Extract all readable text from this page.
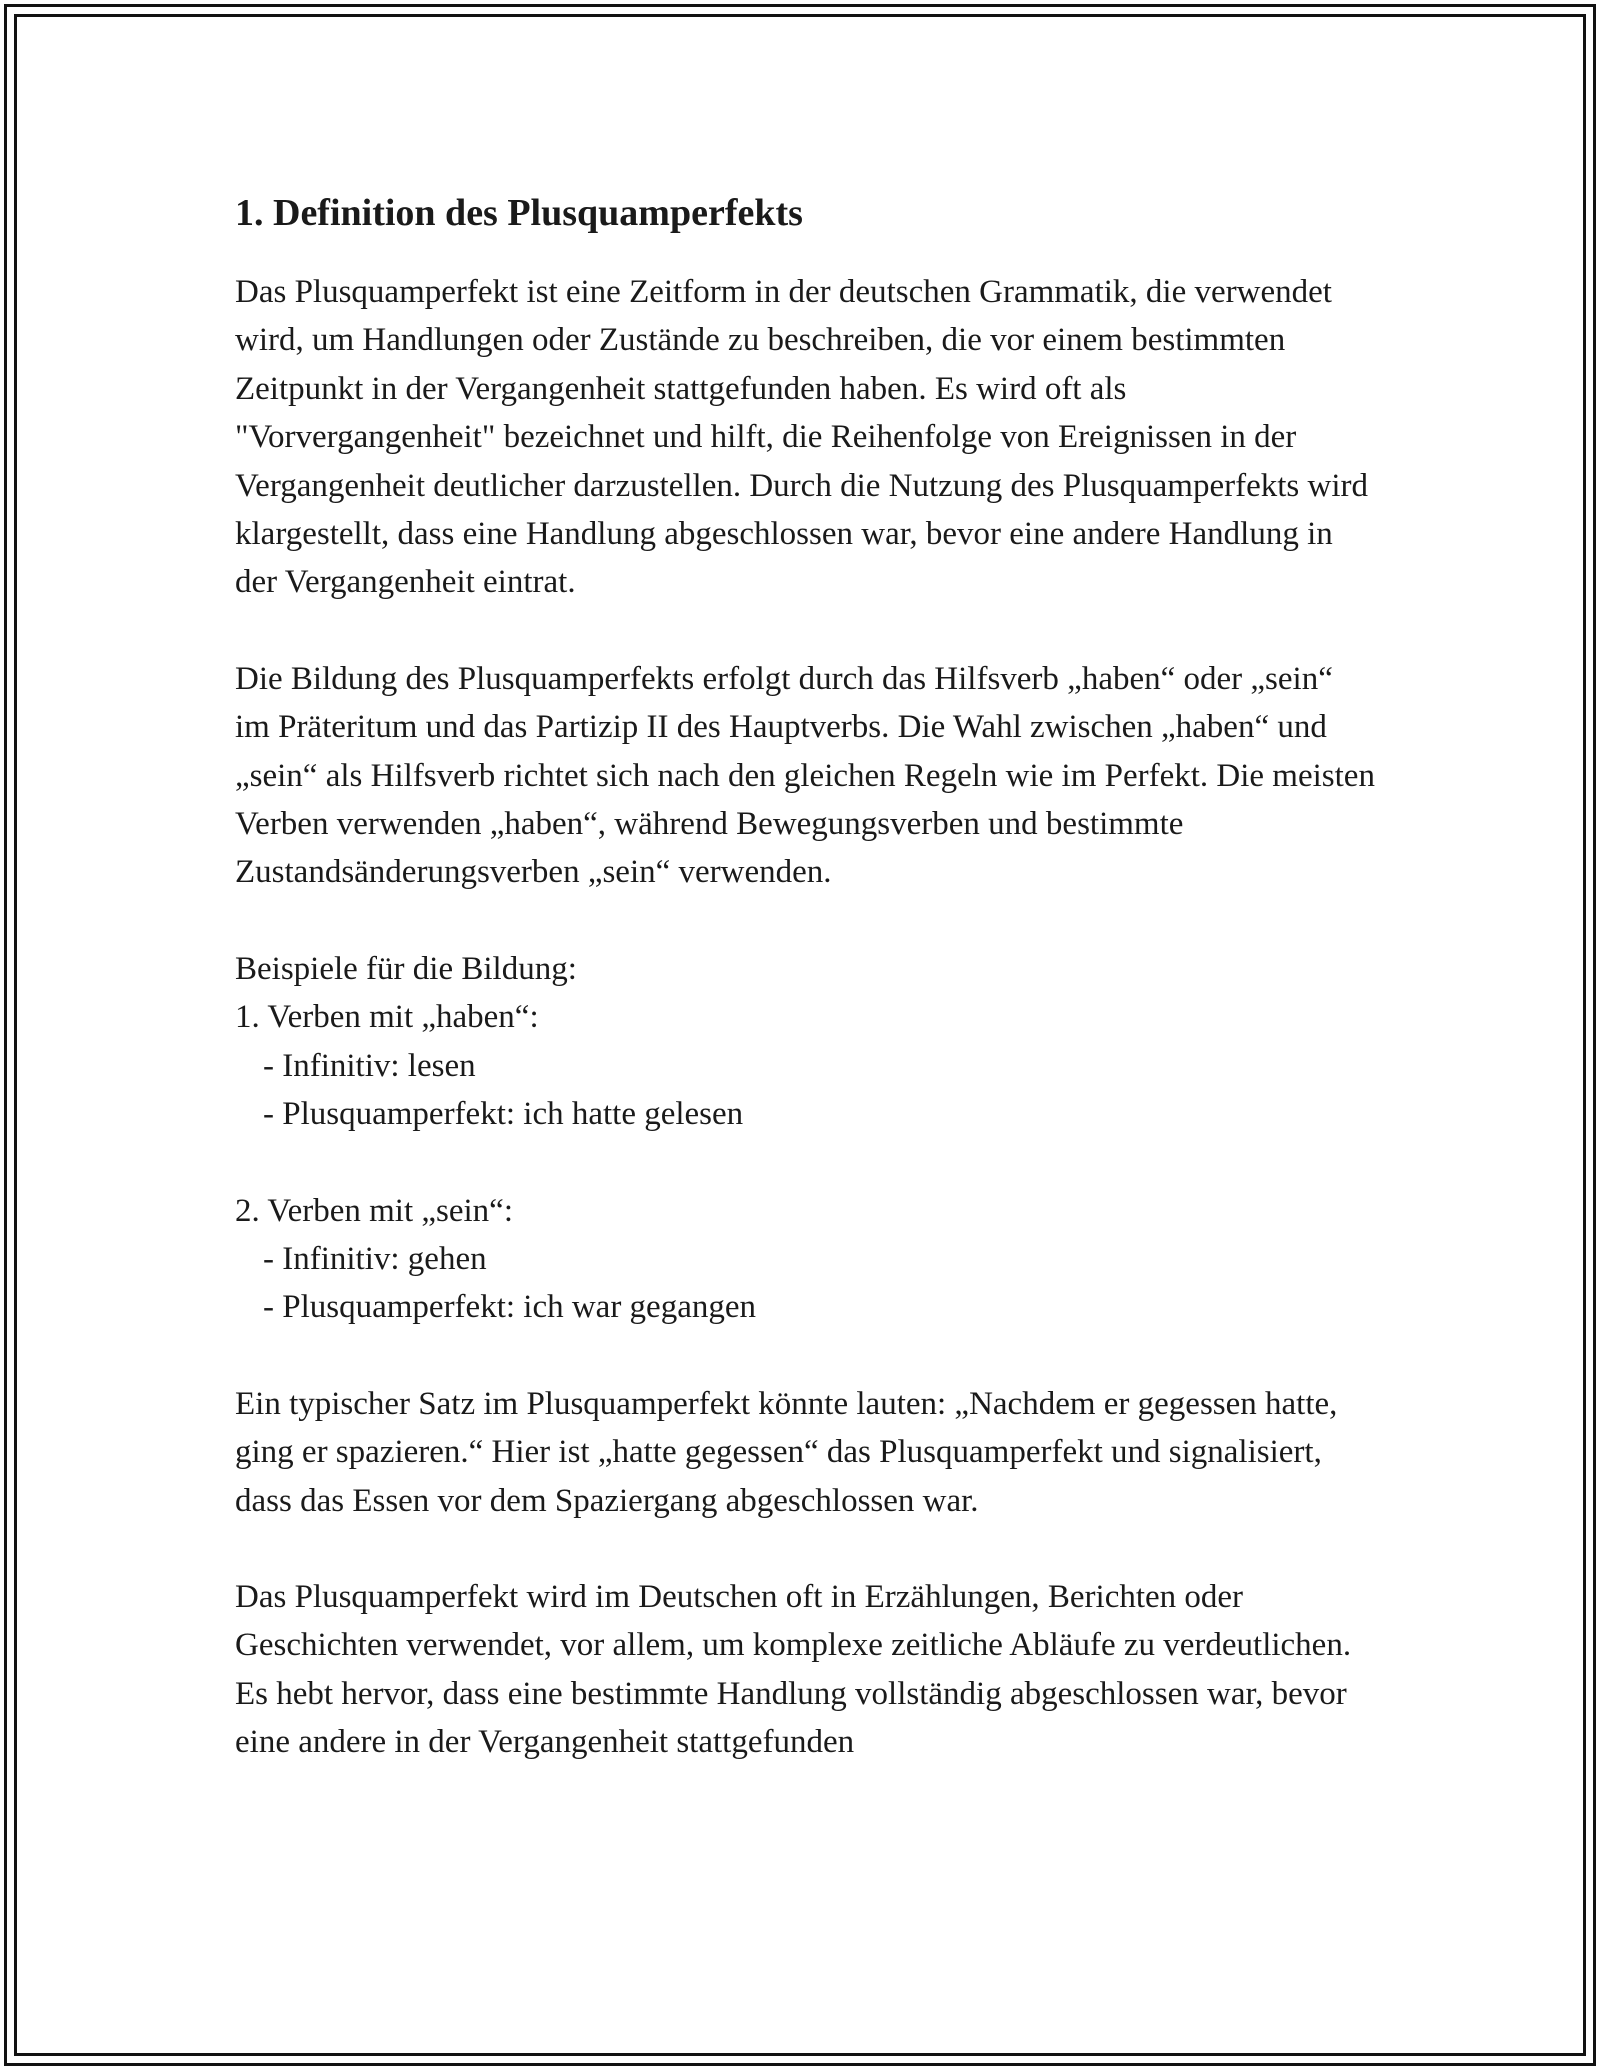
1. Definition des Plusquamperfekts

Das Plusquamperfekt ist eine Zeitform in der deutschen Grammatik, die verwendet wird, um Handlungen oder Zustände zu beschreiben, die vor einem bestimmten Zeitpunkt in der Vergangenheit stattgefunden haben. Es wird oft als "Vorvergangenheit" bezeichnet und hilft, die Reihenfolge von Ereignissen in der Vergangenheit deutlicher darzustellen. Durch die Nutzung des Plusquamperfekts wird klargestellt, dass eine Handlung abgeschlossen war, bevor eine andere Handlung in der Vergangenheit eintrat.

Die Bildung des Plusquamperfekts erfolgt durch das Hilfsverb „haben“ oder „sein“ im Präteritum und das Partizip II des Hauptverbs. Die Wahl zwischen „haben“ und „sein“ als Hilfsverb richtet sich nach den gleichen Regeln wie im Perfekt. Die meisten Verben verwenden „haben“, während Bewegungsverben und bestimmte Zustandsänderungsverben „sein“ verwenden.

Beispiele für die Bildung:
1. Verben mit „haben“:
- Infinitiv: lesen
- Plusquamperfekt: ich hatte gelesen
2. Verben mit „sein“:
- Infinitiv: gehen
- Plusquamperfekt: ich war gegangen

Ein typischer Satz im Plusquamperfekt könnte lauten: „Nachdem er gegessen hatte, ging er spazieren.“ Hier ist „hatte gegessen“ das Plusquamperfekt und signalisiert, dass das Essen vor dem Spaziergang abgeschlossen war.

Das Plusquamperfekt wird im Deutschen oft in Erzählungen, Berichten oder Geschichten verwendet, vor allem, um komplexe zeitliche Abläufe zu verdeutlichen. Es hebt hervor, dass eine bestimmte Handlung vollständig abgeschlossen war, bevor eine andere in der Vergangenheit stattgefunden
